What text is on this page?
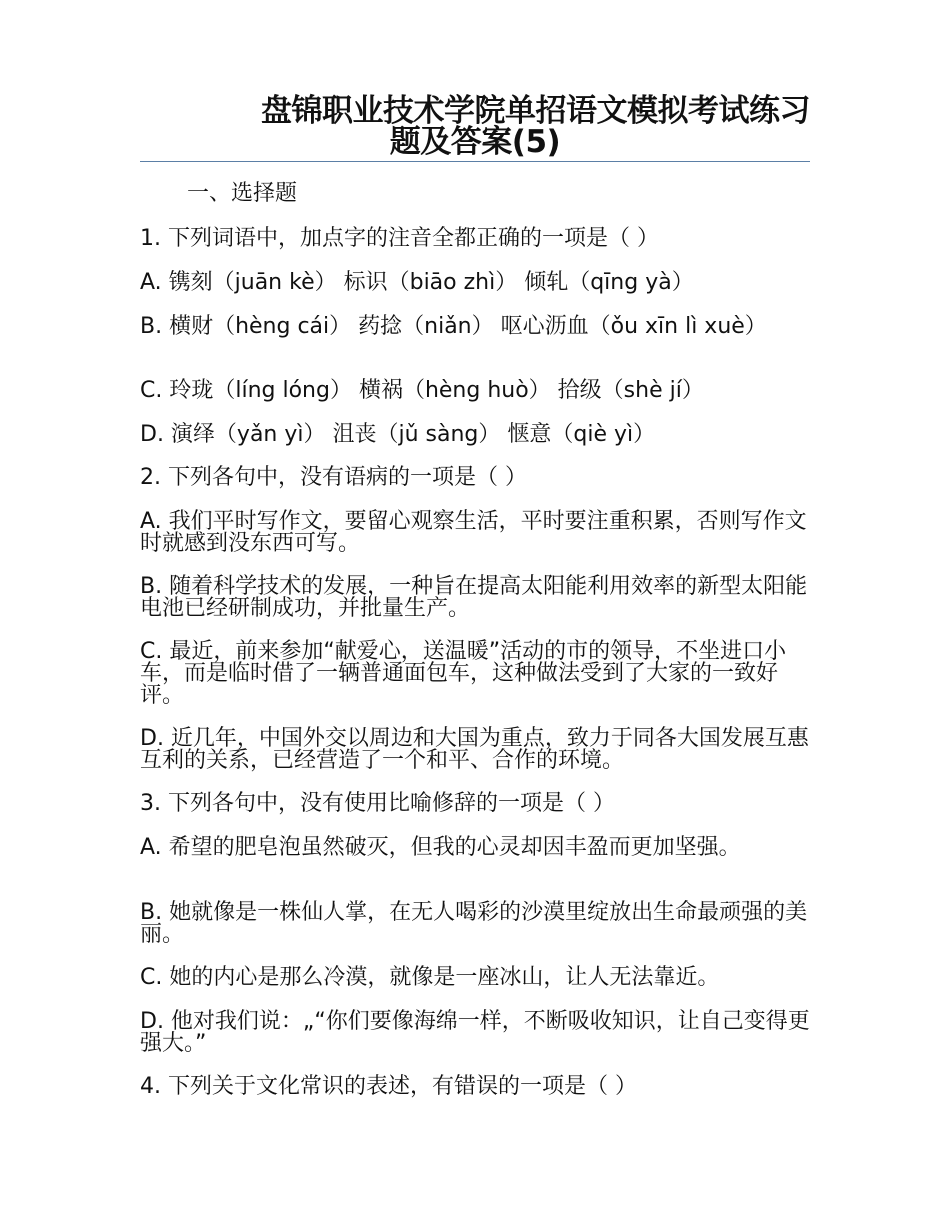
盘锦职业技术学院单招语文模拟考试练习

题及答案(5)
一、选择题
1. 下列词语中，加点字的注音全都正确的一项是（ ）
A. 镌刻（juān kè） 标识（biāo zhì） 倾轧（qīng yà）
B. 横财（hèng cái） 药捻（niǎn） 呕心沥血（ǒu xīn lì xuè）
C. 玲珑（líng lóng） 横祸（hèng huò） 拾级（shè jí）
D. 演绎（yǎn yì） 沮丧（jǔ sàng） 惬意（qiè yì）
2. 下列各句中，没有语病的一项是（ ）
A. 我们平时写作文，要留心观察生活，平时要注重积累，否则写作文时就感到没东西可写。
B. 随着科学技术的发展，一种旨在提高太阳能利用效率的新型太阳能电池已经研制成功，并批量生产。
C. 最近，前来参加“献爱心，送温暖”活动的市的领导，不坐进口小车，而是临时借了一辆普通面包车，这种做法受到了大家的一致好评。
D. 近几年，中国外交以周边和大国为重点，致力于同各大国发展互惠互利的关系，已经营造了一个和平、合作的环境。
3. 下列各句中，没有使用比喻修辞的一项是（ ）
A. 希望的肥皂泡虽然破灭，但我的心灵却因丰盈而更加坚强。
B. 她就像是一株仙人掌，在无人喝彩的沙漠里绽放出生命最顽强的美丽。
C. 她的内心是那么冷漠，就像是一座冰山，让人无法靠近。
D. 他对我们说：„“你们要像海绵一样，不断吸收知识，让自己变得更强大。”
4. 下列关于文化常识的表述，有错误的一项是（ ）
